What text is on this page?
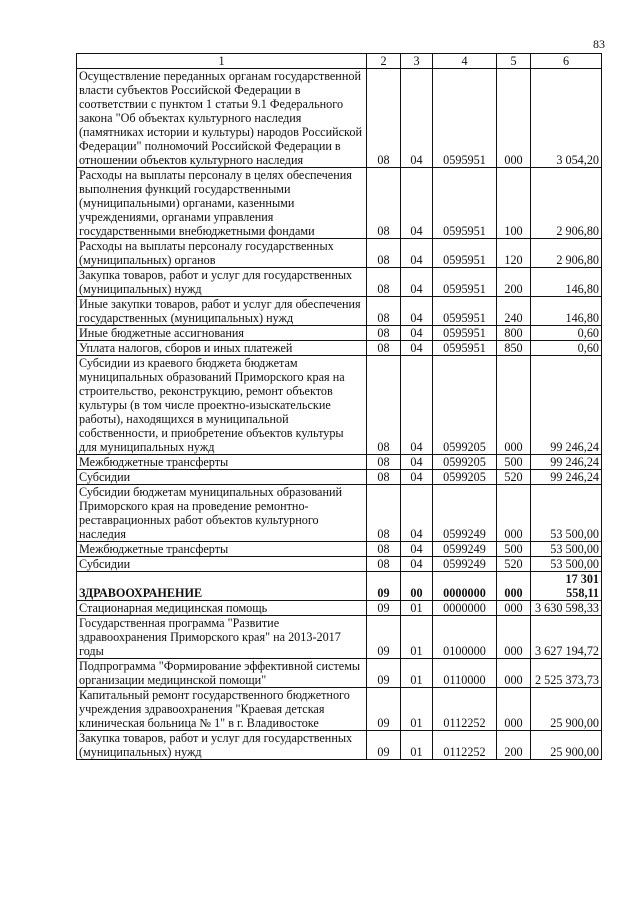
83
1	2	3	4	5	6
Осуществление переданных органам государственной власти субъектов Российской Федерации в соответствии с пунктом 1 статьи 9.1 Федерального закона "Об объектах культурного наследия (памятниках истории и культуры) народов Российской Федерации" полномочий Российской Федерации в отношении объектов культурного наследия	08	04	0595951	000	3 054,20
Расходы на выплаты персоналу в целях обеспечения выполнения функций государственными (муниципальными) органами, казенными учреждениями, органами управления государственными внебюджетными фондами	08	04	0595951	100	2 906,80
Расходы на выплаты персоналу государственных (муниципальных) органов	08	04	0595951	120	2 906,80
Закупка товаров, работ и услуг для государственных (муниципальных) нужд	08	04	0595951	200	146,80
Иные закупки товаров, работ и услуг для обеспечения государственных (муниципальных) нужд	08	04	0595951	240	146,80
Иные бюджетные ассигнования	08	04	0595951	800	0,60
Уплата налогов, сборов и иных платежей	08	04	0595951	850	0,60
Субсидии из краевого бюджета бюджетам муниципальных образований Приморского края на строительство, реконструкцию, ремонт объектов культуры (в том числе проектно-изыскательские работы), находящихся в муниципальной собственности, и приобретение объектов культуры для муниципальных нужд	08	04	0599205	000	99 246,24
Межбюджетные трансферты	08	04	0599205	500	99 246,24
Субсидии	08	04	0599205	520	99 246,24
Субсидии бюджетам муниципальных образований Приморского края на проведение ремонтно-реставрационных работ объектов культурного наследия	08	04	0599249	000	53 500,00
Межбюджетные трансферты	08	04	0599249	500	53 500,00
Субсидии	08	04	0599249	520	53 500,00
ЗДРАВООХРАНЕНИЕ	09	00	0000000	000	17 301 558,11
Стационарная медицинская помощь	09	01	0000000	000	3 630 598,33
Государственная программа "Развитие здравоохранения Приморского края" на 2013-2017 годы	09	01	0100000	000	3 627 194,72
Подпрограмма "Формирование эффективной системы организации медицинской помощи"	09	01	0110000	000	2 525 373,73
Капитальный ремонт государственного бюджетного учреждения здравоохранения "Краевая детская клиническая больница № 1" в г. Владивостоке	09	01	0112252	000	25 900,00
Закупка товаров, работ и услуг для государственных (муниципальных) нужд	09	01	0112252	200	25 900,00
